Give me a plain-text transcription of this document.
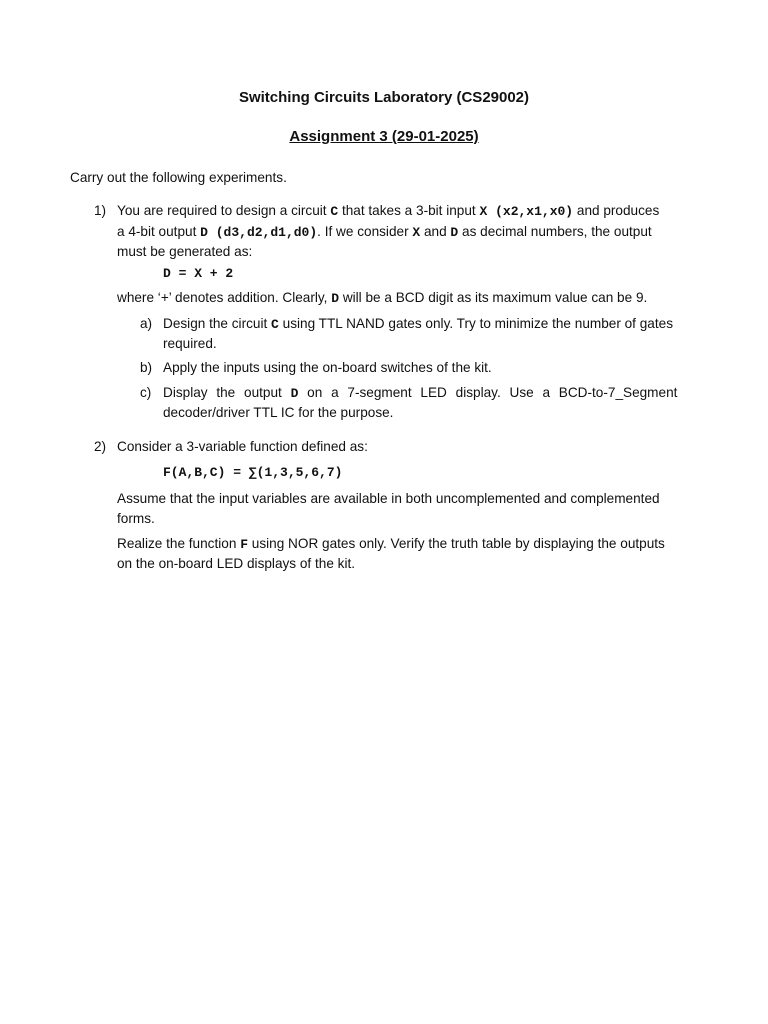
Switching Circuits Laboratory (CS29002)
Assignment 3 (29-01-2025)
Carry out the following experiments.
1) You are required to design a circuit C that takes a 3-bit input X (x2,x1,x0) and produces

a 4-bit output D (d3,d2,d1,d0). If we consider X and D as decimal numbers, the output

must be generated as:

D = X + 2

where ‘+’ denotes addition. Clearly, D will be a BCD digit as its maximum value can be 9.

a) Design the circuit C using TTL NAND gates only. Try to minimize the number of gates

required.

b) Apply the inputs using the on-board switches of the kit.

c) Display the output D on a 7-segment LED display. Use a BCD-to-7_Segment

decoder/driver TTL IC for the purpose.

2) Consider a 3-variable function defined as:

F(A,B,C) = ∑(1,3,5,6,7)

Assume that the input variables are available in both uncomplemented and complemented

forms.

Realize the function F using NOR gates only. Verify the truth table by displaying the outputs

on the on-board LED displays of the kit.
